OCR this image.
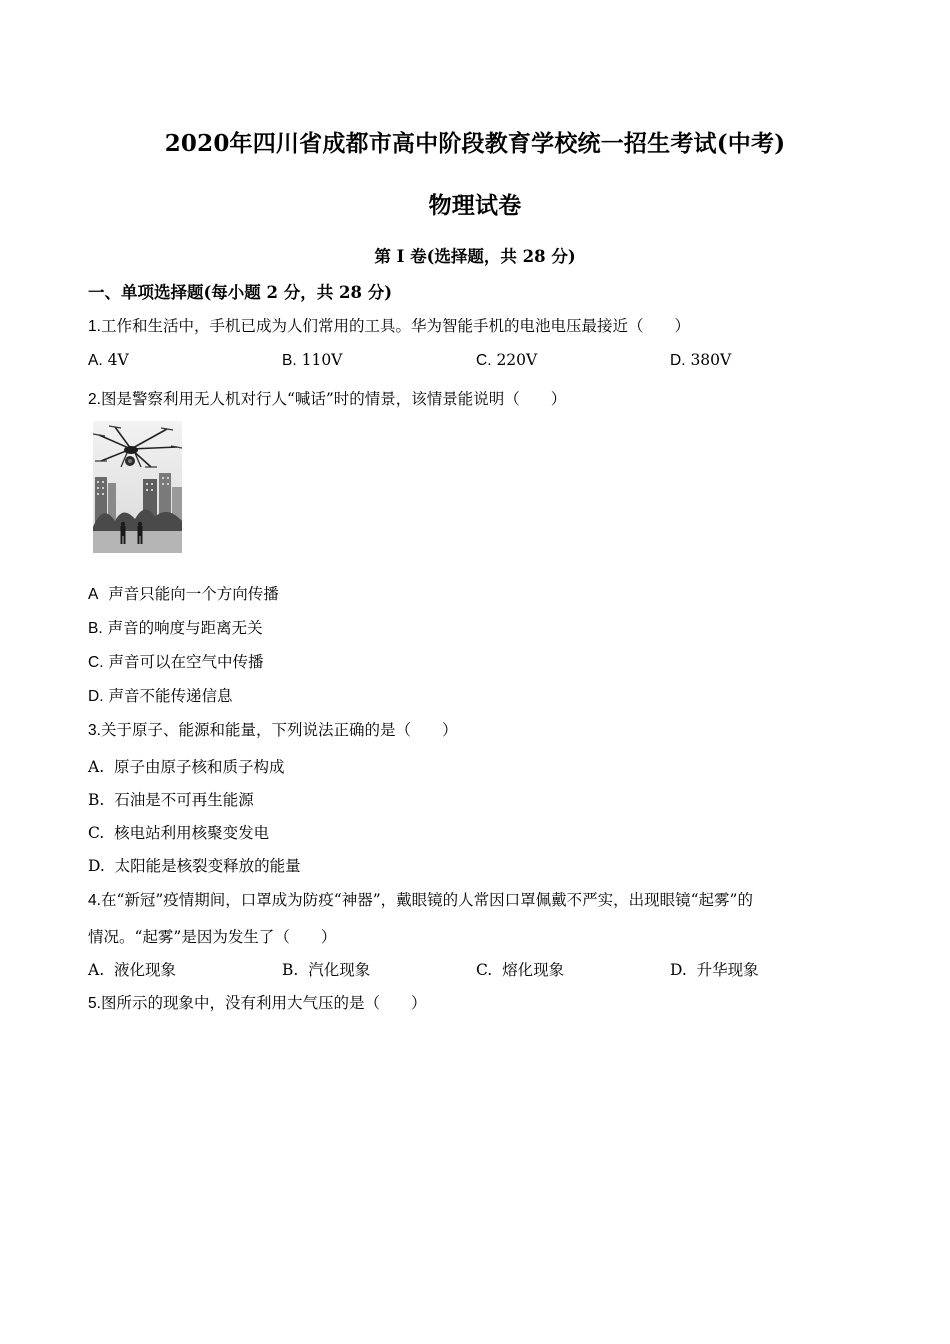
2020年四川省成都市高中阶段教育学校统一招生考试(中考)
物理试卷
第 I 卷(选择题，共 28 分)
一、单项选择题(每小题 2 分，共 28 分)
1.工作和生活中，手机已成为人们常用的工具。华为智能手机的电池电压最接近（　　）
A. 4V	B. 110V	C. 220V	D. 380V
2.图是警察利用无人机对行人“喊话”时的情景，该情景能说明（　　）
A 声音只能向一个方向传播
B. 声音的响度与距离无关
C. 声音可以在空气中传播
D. 声音不能传递信息
3.关于原子、能源和能量，下列说法正确的是（　　）
A. 原子由原子核和质子构成
B. 石油是不可再生能源
C. 核电站利用核聚变发电
D. 太阳能是核裂变释放的能量
4.在“新冠”疫情期间，口罩成为防疫“神器”，戴眼镜的人常因口罩佩戴不严实，出现眼镜“起雾”的
情况。“起雾”是因为发生了（　　）
A. 液化现象	B. 汽化现象	C. 熔化现象	D. 升华现象
5.图所示的现象中，没有利用大气压的是（　　）
